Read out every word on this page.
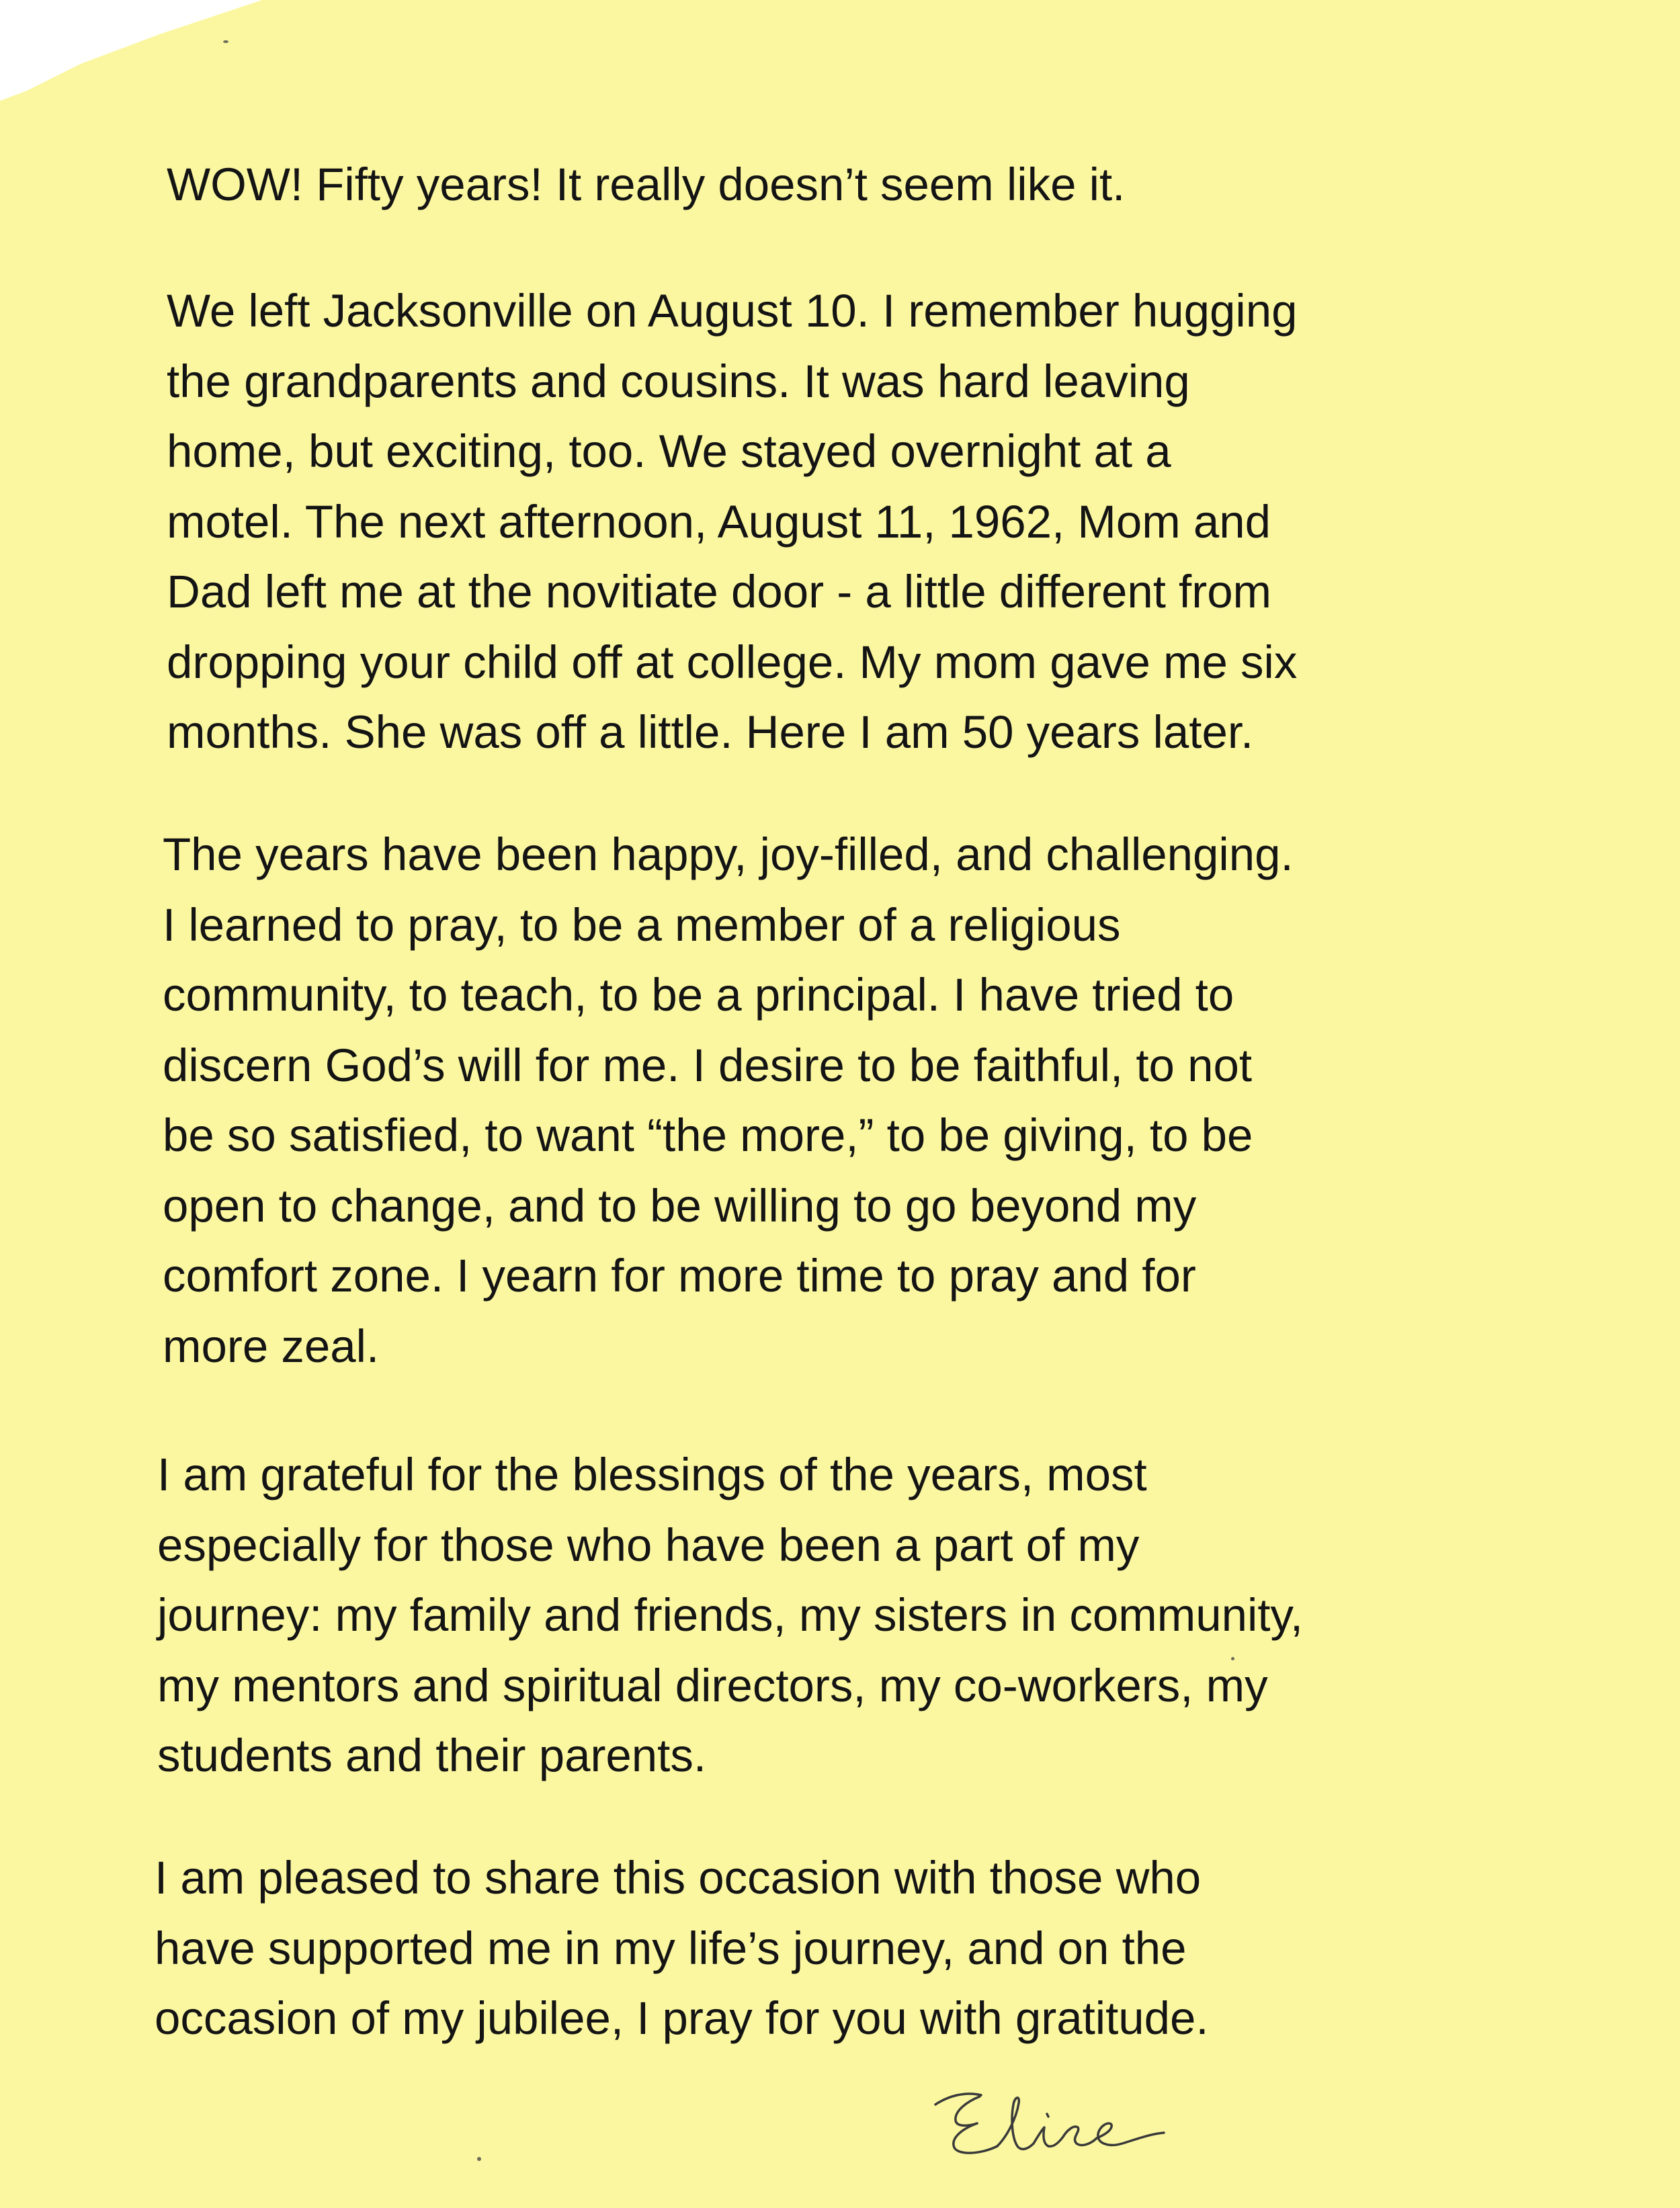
WOW! Fifty years! It really doesn’t seem like it.
We left Jacksonville on August 10. I remember hugging
the grandparents and cousins. It was hard leaving
home, but exciting, too. We stayed overnight at a
motel. The next afternoon, August 11, 1962, Mom and
Dad left me at the novitiate door - a little different from
dropping your child off at college. My mom gave me six
months. She was off a little. Here I am 50 years later.
The years have been happy, joy-filled, and challenging.
I learned to pray, to be a member of a religious
community, to teach, to be a principal. I have tried to
discern God’s will for me. I desire to be faithful, to not
be so satisfied, to want “the more,” to be giving, to be
open to change, and to be willing to go beyond my
comfort zone. I yearn for more time to pray and for
more zeal.
I am grateful for the blessings of the years, most
especially for those who have been a part of my
journey: my family and friends, my sisters in community,
my mentors and spiritual directors, my co-workers, my
students and their parents.
I am pleased to share this occasion with those who
have supported me in my life’s journey, and on the
occasion of my jubilee, I pray for you with gratitude.
